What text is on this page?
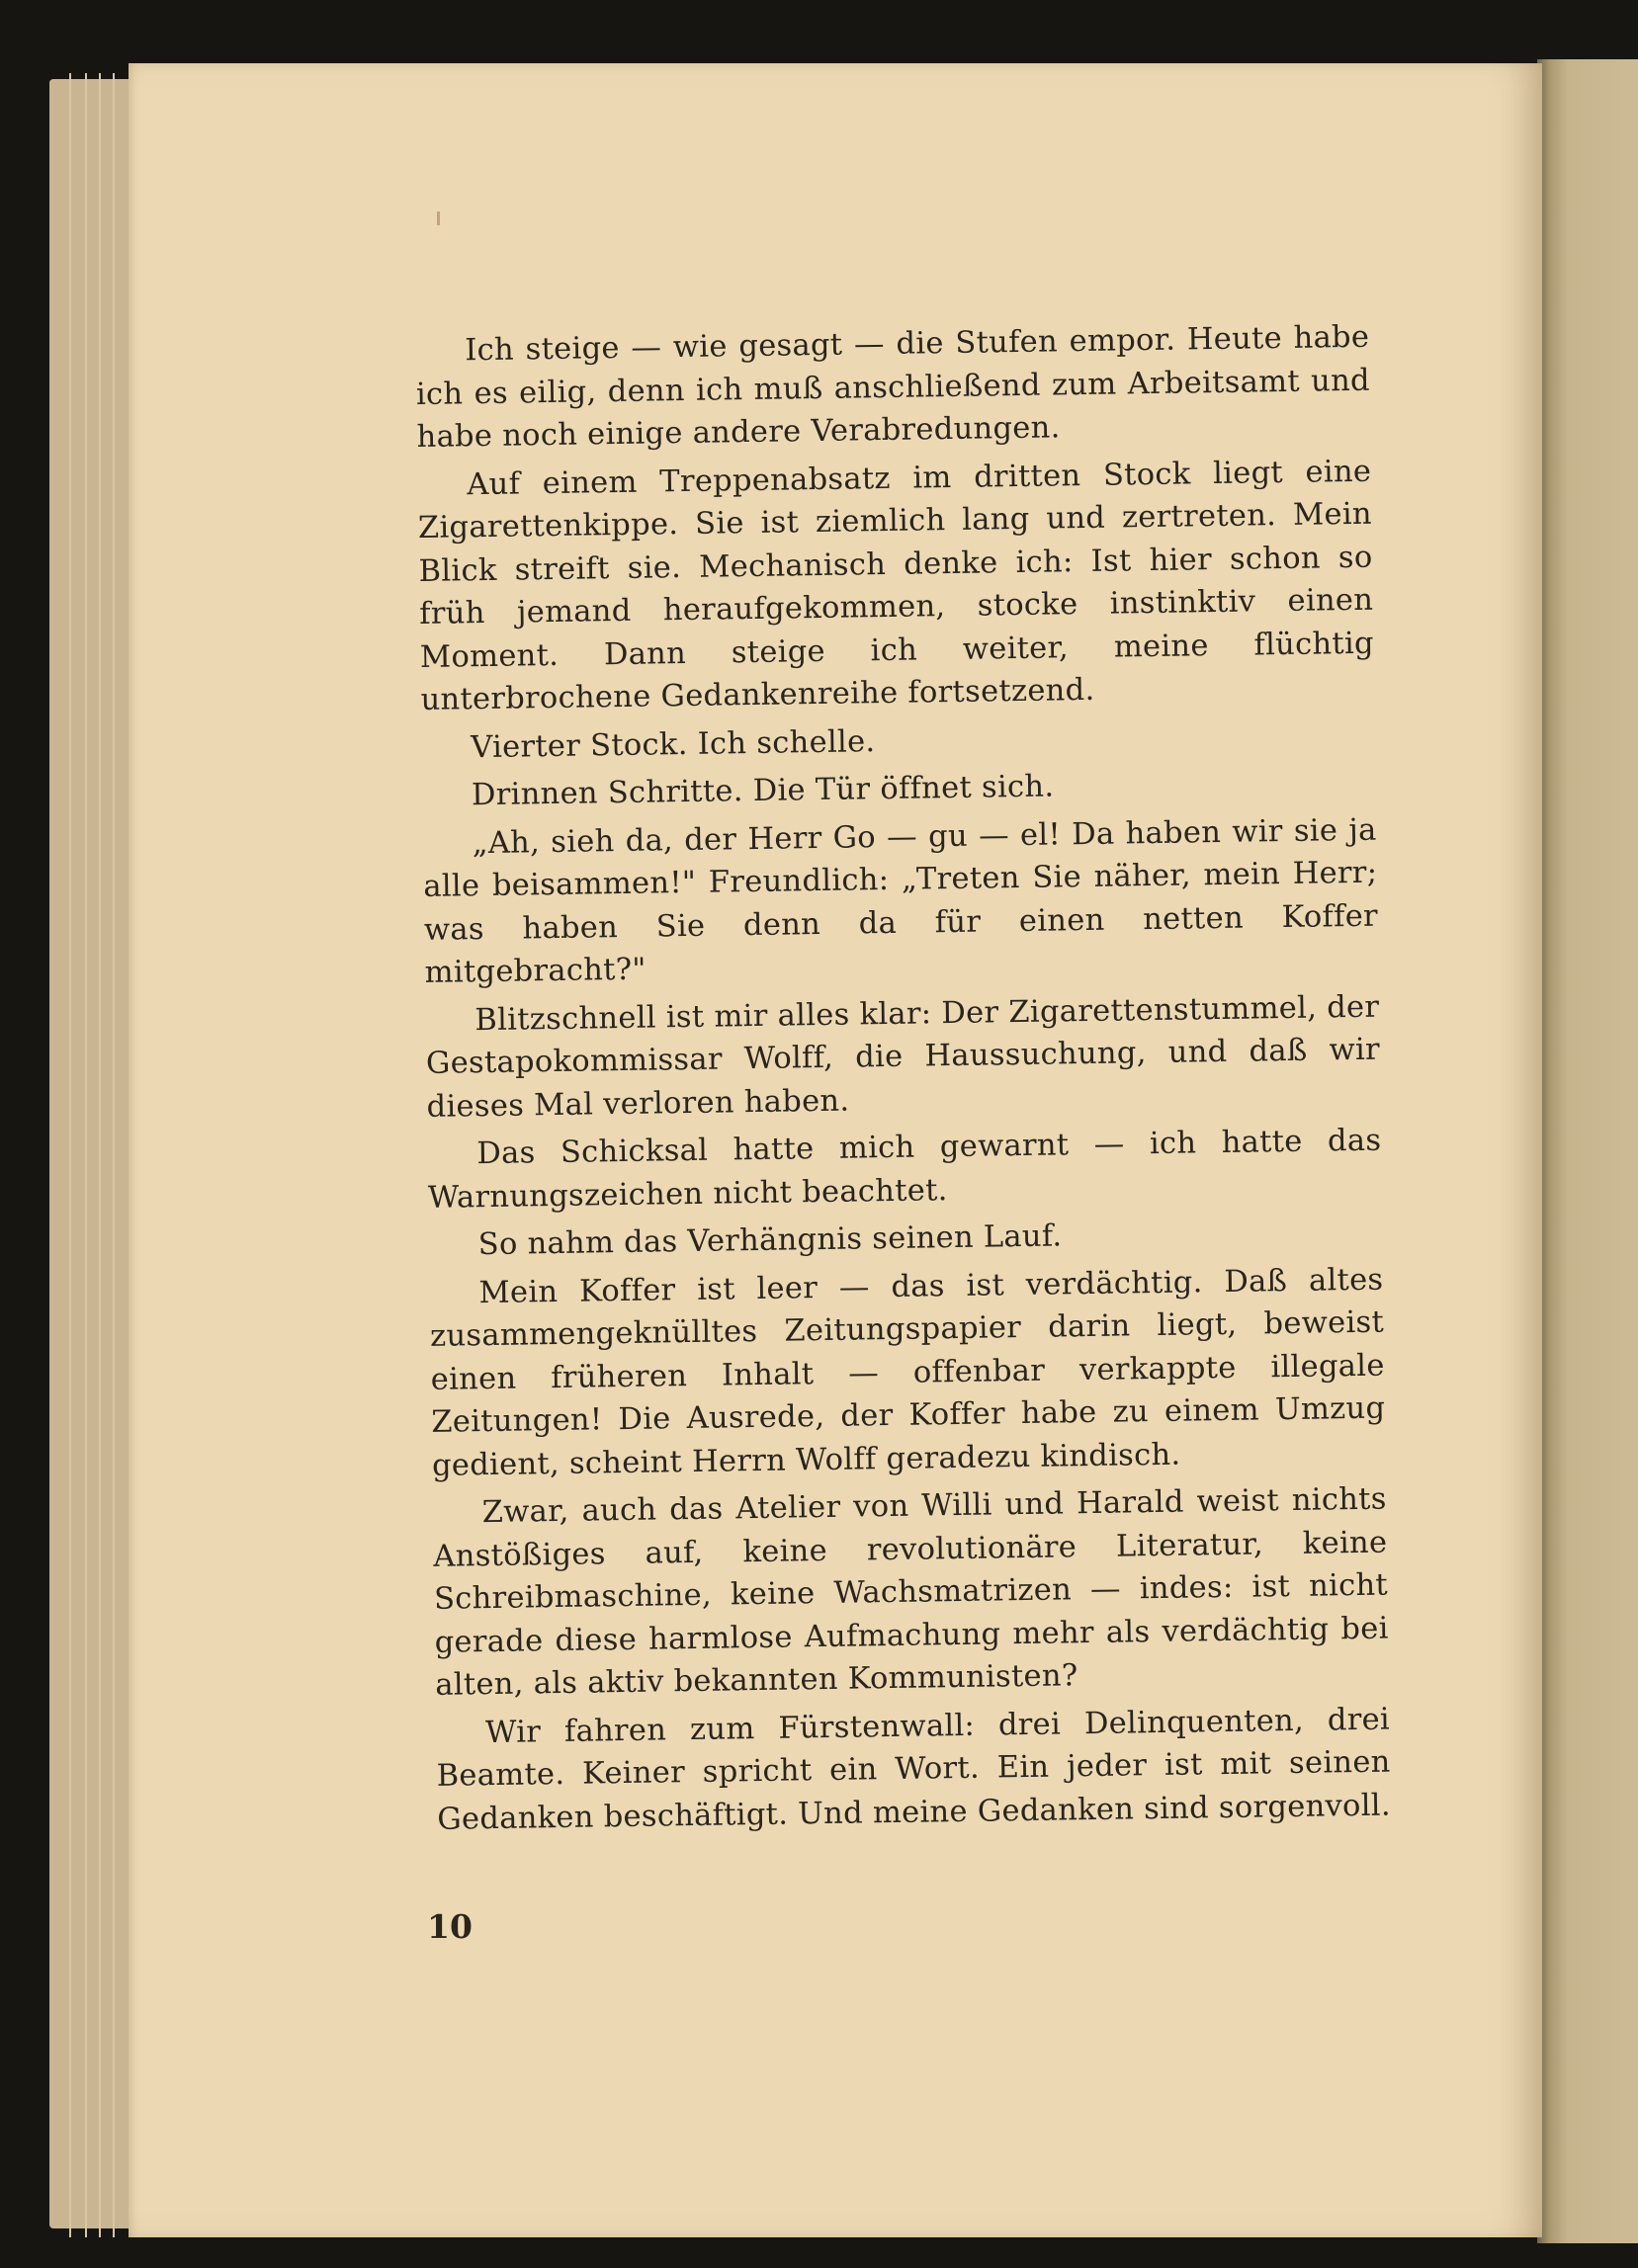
Ich steige — wie gesagt — die Stufen empor. Heute habe ich es eilig, denn ich muß anschließend zum Arbeitsamt und habe noch einige andere Verabredungen.

Auf einem Treppenabsatz im dritten Stock liegt eine Zigarettenkippe. Sie ist ziemlich lang und zertreten. Mein Blick streift sie. Mechanisch denke ich: Ist hier schon so früh jemand heraufgekommen, stocke instinktiv einen Moment. Dann steige ich weiter, meine flüchtig unterbrochene Gedankenreihe fortsetzend.

Vierter Stock. Ich schelle.

Drinnen Schritte. Die Tür öffnet sich.

„Ah, sieh da, der Herr Go — gu — el! Da haben wir sie ja alle beisammen!" Freundlich: „Treten Sie näher, mein Herr; was haben Sie denn da für einen netten Koffer mitgebracht?"

Blitzschnell ist mir alles klar: Der Zigarettenstummel, der Gestapokommissar Wolff, die Haussuchung, und daß wir dieses Mal verloren haben.

Das Schicksal hatte mich gewarnt — ich hatte das Warnungszeichen nicht beachtet.

So nahm das Verhängnis seinen Lauf.

Mein Koffer ist leer — das ist verdächtig. Daß altes zusammengeknülltes Zeitungspapier darin liegt, beweist einen früheren Inhalt — offenbar verkappte illegale Zeitungen! Die Ausrede, der Koffer habe zu einem Umzug gedient, scheint Herrn Wolff geradezu kindisch.

Zwar, auch das Atelier von Willi und Harald weist nichts Anstößiges auf, keine revolutionäre Literatur, keine Schreibmaschine, keine Wachsmatrizen — indes: ist nicht gerade diese harmlose Aufmachung mehr als verdächtig bei alten, als aktiv bekannten Kommunisten?

Wir fahren zum Fürstenwall: drei Delinquenten, drei Beamte. Keiner spricht ein Wort. Ein jeder ist mit seinen Gedanken beschäftigt. Und meine Gedanken sind sorgenvoll.

10
